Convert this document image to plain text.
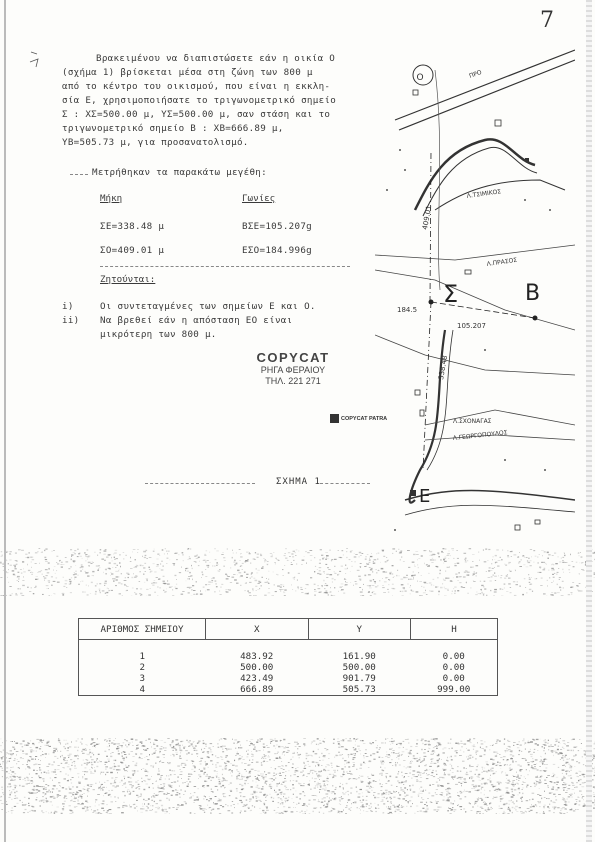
7
Βρακειμένου να διαπιστώσετε εάν η οικία Ο
(σχήμα 1) βρίσκεται μέσα στη ζώνη των 800 μ
από το κέντρο του οικισμού, που είναι η εκκλη-
σία Ε, χρησιμοποιήσατε το τριγωνομετρικό σημείο
Σ : XΣ=500.00 μ, YΣ=500.00 μ, σαν στάση και το
τριγωνομετρικό σημείο Β : XΒ=666.89 μ,
YΒ=505.73 μ, για προσανατολισμό.
Μετρήθηκαν τα παρακάτω μεγέθη:
Μήκη	Γωνίες
ΣΕ=338.48 μ	ΒΣΕ=105.207g
ΣΟ=409.01 μ	ΕΣΟ=184.996g
Ζητούνται:
i)	Οι συντεταγμένες των σημείων Ε και Ο.
ii)	Να βρεθεί εάν η απόσταση ΕΟ είναι
μικρότερη των 800 μ.
COPYCAT
ΡΗΓΑ ΦΕΡΑΙΟΥ
ΤΗΛ. 221 271
COPYCAT PATRA
ΣΧΗΜΑ 1
Σ	B
E
184.5
105.207
409.01
338.48
Λ.ΤΣΙΜΙΚΟΣ
Λ.ΠΡΑΣΟΣ
Λ.ΣΧΟΝΑΓΑΣ
Λ.ΓΕΩΡΓΟΠΟΥΛΟΣ
ΠΡΟ
O
ΑΡΙΘΜΟΣ ΣΗΜΕΙΟΥ	X	Y	H

1	483.92	161.90	0.00
2	500.00	500.00	0.00
3	423.49	901.79	0.00
4	666.89	505.73	999.00
